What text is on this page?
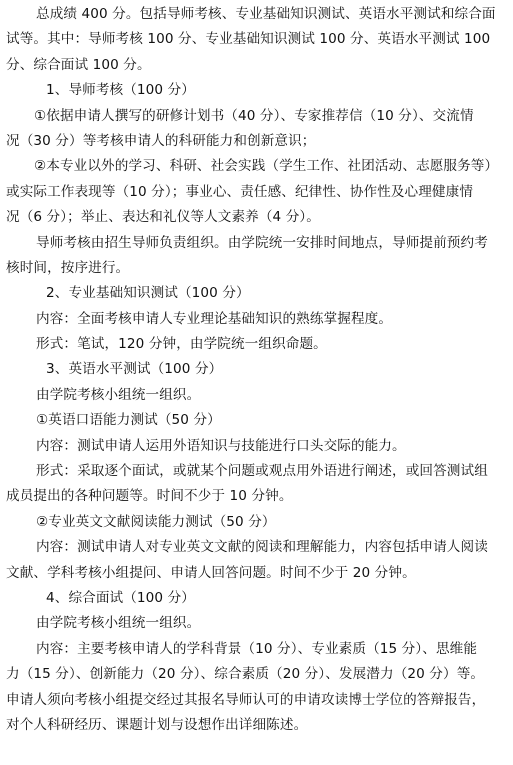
总成绩 400 分。包括导师考核、专业基础知识测试、英语水平测试和综合面
试等。其中：导师考核 100 分、专业基础知识测试 100 分、英语水平测试 100
分、综合面试 100 分。
1、导师考核（100 分）
①依据申请人撰写的研修计划书（40 分）、专家推荐信（10 分）、交流情
况（30 分）等考核申请人的科研能力和创新意识；
②本专业以外的学习、科研、社会实践（学生工作、社团活动、志愿服务等）
或实际工作表现等（10 分）；事业心、责任感、纪律性、协作性及心理健康情
况（6 分）；举止、表达和礼仪等人文素养（4 分）。
导师考核由招生导师负责组织。由学院统一安排时间地点，导师提前预约考
核时间，按序进行。
2、专业基础知识测试（100 分）
内容：全面考核申请人专业理论基础知识的熟练掌握程度。
形式：笔试，120 分钟，由学院统一组织命题。
3、英语水平测试（100 分）
由学院考核小组统一组织。
①英语口语能力测试（50 分）
内容：测试申请人运用外语知识与技能进行口头交际的能力。
形式：采取逐个面试，或就某个问题或观点用外语进行阐述，或回答测试组
成员提出的各种问题等。时间不少于 10 分钟。
②专业英文文献阅读能力测试（50 分）
内容：测试申请人对专业英文文献的阅读和理解能力，内容包括申请人阅读
文献、学科考核小组提问、申请人回答问题。时间不少于 20 分钟。
4、综合面试（100 分）
由学院考核小组统一组织。
内容：主要考核申请人的学科背景（10 分）、专业素质（15 分）、思维能
力（15 分）、创新能力（20 分）、综合素质（20 分）、发展潜力（20 分）等。
申请人须向考核小组提交经过其报名导师认可的申请攻读博士学位的答辩报告，
对个人科研经历、课题计划与设想作出详细陈述。
